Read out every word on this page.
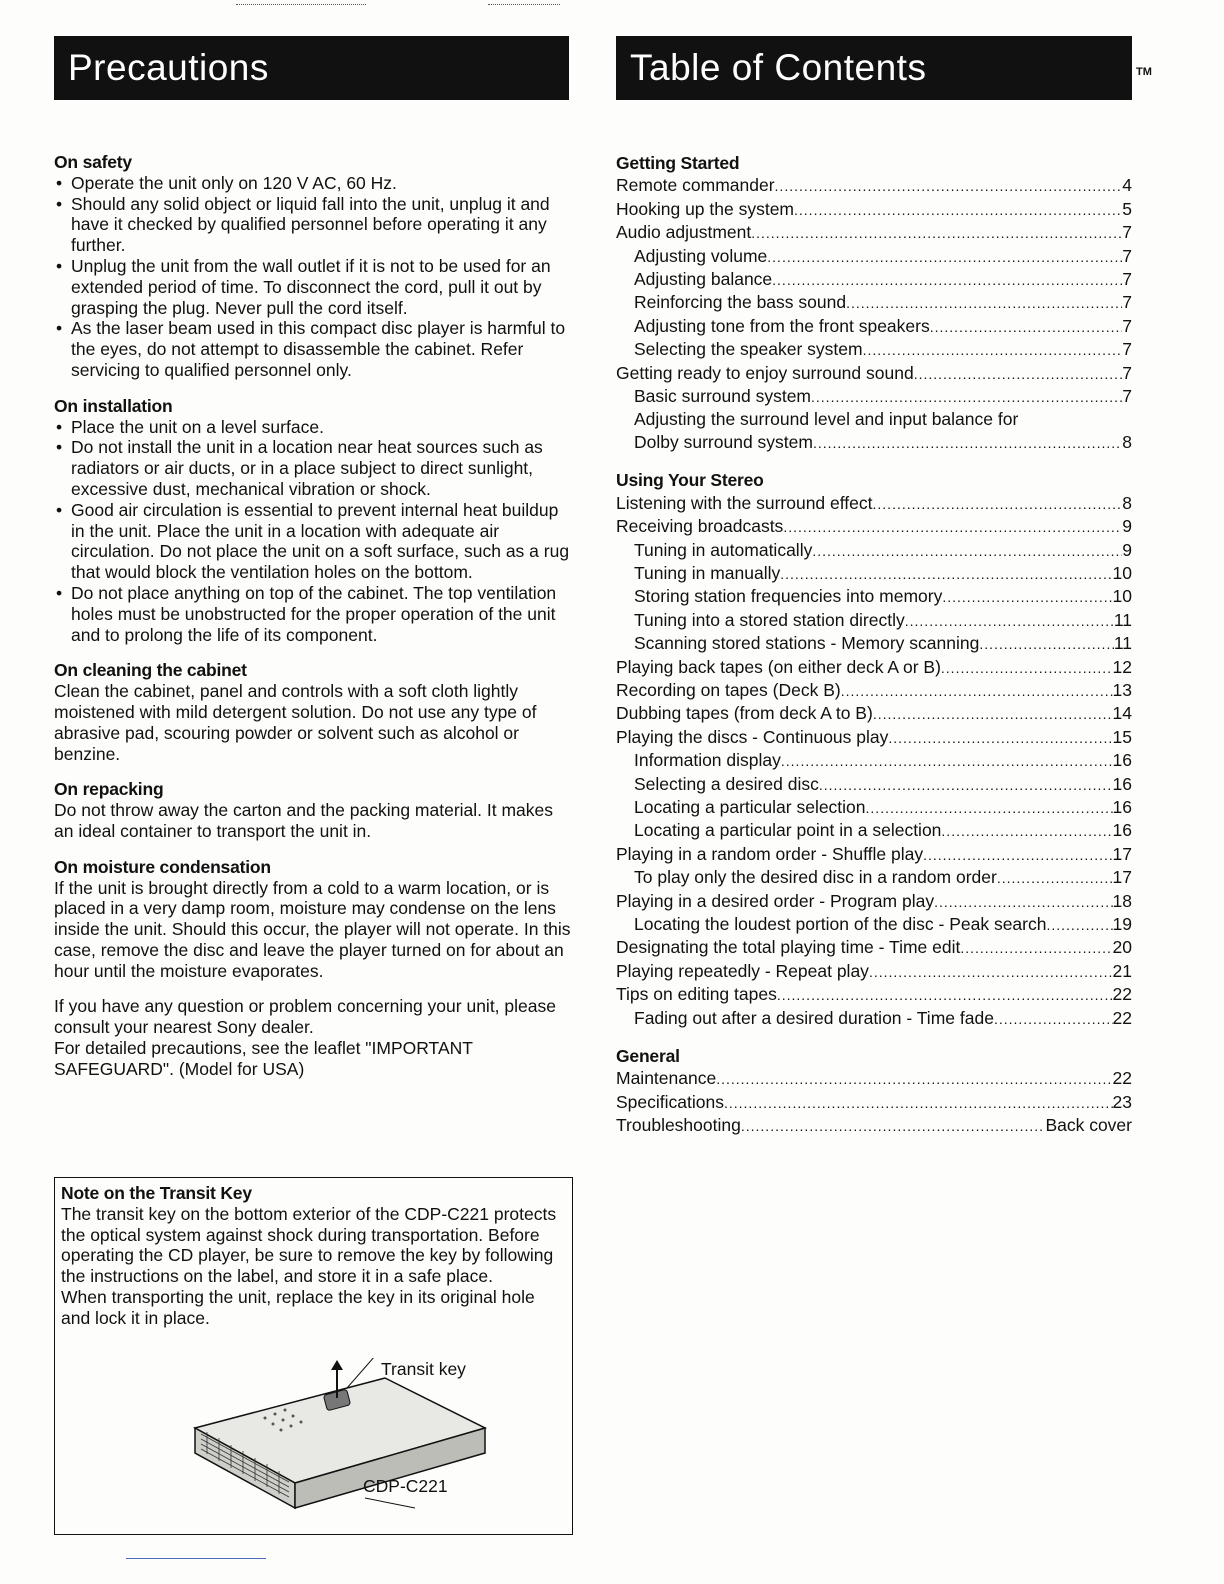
Precautions	Table of Contents	TM
On safety
• Operate the unit only on 120 V AC, 60 Hz.
• Should any solid object or liquid fall into the unit, unplug it and have it checked by qualified personnel before operating it any further.
• Unplug the unit from the wall outlet if it is not to be used for an extended period of time. To disconnect the cord, pull it out by grasping the plug. Never pull the cord itself.
• As the laser beam used in this compact disc player is harmful to the eyes, do not attempt to disassemble the cabinet. Refer servicing to qualified personnel only.
On installation
• Place the unit on a level surface.
• Do not install the unit in a location near heat sources such as radiators or air ducts, or in a place subject to direct sunlight, excessive dust, mechanical vibration or shock.
• Good air circulation is essential to prevent internal heat buildup in the unit. Place the unit in a location with adequate air circulation. Do not place the unit on a soft surface, such as a rug that would block the ventilation holes on the bottom.
• Do not place anything on top of the cabinet. The top ventilation holes must be unobstructed for the proper operation of the unit and to prolong the life of its component.
On cleaning the cabinet

Clean the cabinet, panel and controls with a soft cloth lightly moistened with mild detergent solution. Do not use any type of abrasive pad, scouring powder or solvent such as alcohol or benzine.

On repacking

Do not throw away the carton and the packing material. It makes an ideal container to transport the unit in.

On moisture condensation

If the unit is brought directly from a cold to a warm location, or is placed in a very damp room, moisture may condense on the lens inside the unit. Should this occur, the player will not operate. In this case, remove the disc and leave the player turned on for about an hour until the moisture evaporates.

If you have any question or problem concerning your unit, please consult your nearest Sony dealer.

For detailed precautions, see the leaflet "IMPORTANT SAFEGUARD". (Model for USA)

Note on the Transit Key

The transit key on the bottom exterior of the CDP-C221 protects the optical system against shock during transportation. Before operating the CD player, be sure to remove the key by following the instructions on the label, and store it in a safe place.

When transporting the unit, replace the key in its original hole and lock it in place.

Transit key
CDP-C221
Getting Started
Remote commander .....	4
Hooking up the system .....	5
Audio adjustment .....	7
Adjusting volume .....	7
Adjusting balance .....	7
Reinforcing the bass sound .....	7
Adjusting tone from the front speakers .....	7
Selecting the speaker system .....	7
Getting ready to enjoy surround sound .....	7
Basic surround system .....	7
Adjusting the surround level and input balance for
Dolby surround system .....	8
Using Your Stereo
Listening with the surround effect .....	8
Receiving broadcasts .....	9
Tuning in automatically .....	9
Tuning in manually .....	10
Storing station frequencies into memory .....	10
Tuning into a stored station directly .....	11
Scanning stored stations - Memory scanning .....	11
Playing back tapes (on either deck A or B) .....	12
Recording on tapes (Deck B) .....	13
Dubbing tapes (from deck A to B) .....	14
Playing the discs - Continuous play .....	15
Information display .....	16
Selecting a desired disc .....	16
Locating a particular selection .....	16
Locating a particular point in a selection .....	16
Playing in a random order - Shuffle play .....	17
To play only the desired disc in a random order .....	17
Playing in a desired order - Program play .....	18
Locating the loudest portion of the disc - Peak search .....	19
Designating the total playing time - Time edit .....	20
Playing repeatedly - Repeat play .....	21
Tips on editing tapes .....	22
Fading out after a desired duration - Time fade .....	22
General
Maintenance .....	22
Specifications .....	23
Troubleshooting .....	Back cover
